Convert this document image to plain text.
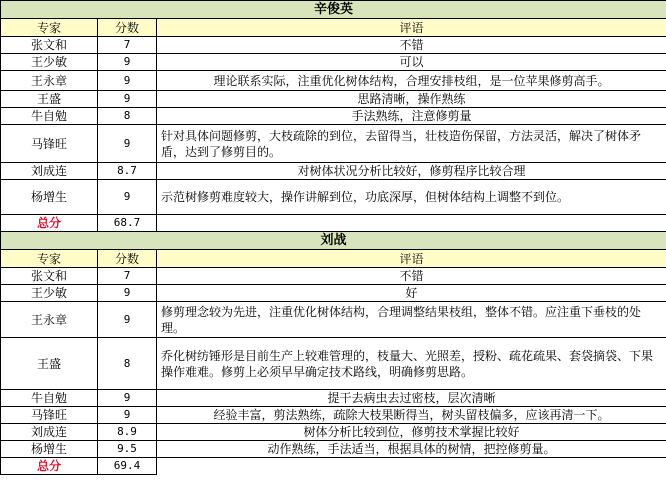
辛俊英		
专家	分数	评语
张文和	7	不错
王少敏	9	可以
王永章	9	理论联系实际，注重优化树体结构，合理安排枝组，是一位苹果修剪高手。
王盛	9	思路清晰，操作熟练
牛自勉	8	手法熟练，注意修剪量
马锋旺	9	针对具体问题修剪，大枝疏除的到位，去留得当，壮枝造伤保留，方法灵活，解决了树体矛盾，达到了修剪目的。
刘成连	8.7	对树体状况分析比较好，修剪程序比较合理
杨增生	9	示范树修剪难度较大，操作讲解到位，功底深厚，但树体结构上调整不到位。
总分	68.7	
刘战		
专家	分数	评语
张文和	7	不错
王少敏	9	好
王永章	9	修剪理念较为先进，注重优化树体结构，合理调整结果枝组，整体不错。应注重下垂枝的处理。
王盛	8	乔化树纺锤形是目前生产上较难管理的，枝量大、光照差，授粉、疏花疏果、套袋摘袋、下果操作难难。修剪上必须早早确定技术路线，明确修剪思路。
牛自勉	9	提干去病虫去过密枝，层次清晰
马锋旺	9	经验丰富，剪法熟练，疏除大枝果断得当，树头留枝偏多，应该再清一下。
刘成连	8.9	树体分析比较到位，修剪技术掌握比较好
杨增生	9.5	动作熟练，手法适当，根据具体的树情，把控修剪量。
总分	69.4	
